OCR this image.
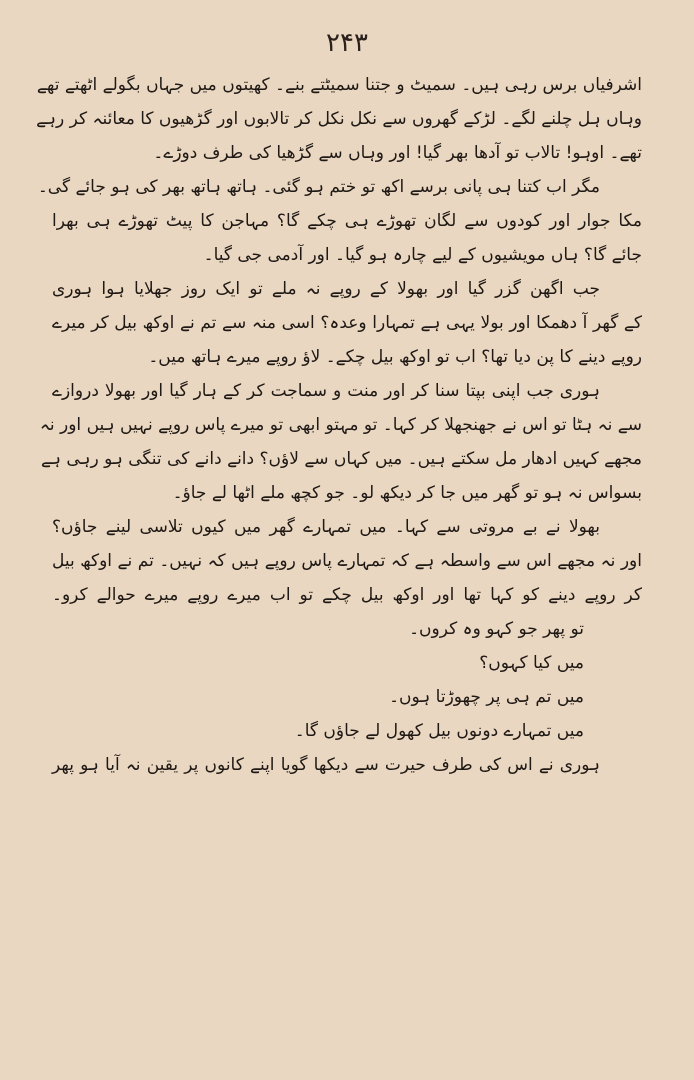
۲۴۳
اشرفیاں برس رہی ہیں۔ سمیٹ و جتنا سمیٹتے بنے۔ کھیتوں میں جہاں بگولے اٹھتے تھے
وہاں ہل چلنے لگے۔ لڑکے گھروں سے نکل نکل کر تالابوں اور گڑھیوں کا معائنہ کر رہے
تھے۔ اوہو! تالاب تو آدھا بھر گیا! اور وہاں سے گڑھیا کی طرف دوڑے۔
مگر اب کتنا ہی پانی برسے اکھ تو ختم ہو گئی۔ ہاتھ ہاتھ بھر کی ہو جائے گی۔
مکا جوار اور کودوں سے لگان تھوڑے ہی چکے گا؟ مہاجن کا پیٹ تھوڑے ہی بھرا
جائے گا؟ ہاں مویشیوں کے لیے چارہ ہو گیا۔ اور آدمی جی گیا۔
جب اگھن گزر گیا اور بھولا کے روپے نہ ملے تو ایک روز جھلایا ہوا ہوری
کے گھر آ دھمکا اور بولا یہی ہے تمہارا وعدہ؟ اسی منہ سے تم نے اوکھ بیل کر میرے
روپے دینے کا پن دیا تھا؟ اب تو اوکھ بیل چکے۔ لاؤ روپے میرے ہاتھ میں۔
ہوری جب اپنی بپتا سنا کر اور منت و سماجت کر کے ہار گیا اور بھولا دروازے
سے نہ ہٹا تو اس نے جھنجھلا کر کہا۔ تو مہتو ابھی تو میرے پاس روپے نہیں ہیں اور نہ
مجھے کہیں ادھار مل سکتے ہیں۔ میں کہاں سے لاؤں؟ دانے دانے کی تنگی ہو رہی ہے
بسواس نہ ہو تو گھر میں جا کر دیکھ لو۔ جو کچھ ملے اٹھا لے جاؤ۔
بھولا نے بے مروتی سے کہا۔ میں تمہارے گھر میں کیوں تلاسی لینے جاؤں؟
اور نہ مجھے اس سے واسطہ ہے کہ تمہارے پاس روپے ہیں کہ نہیں۔ تم نے اوکھ بیل
کر روپے دینے کو کہا تھا اور اوکھ بیل چکے تو اب میرے روپے میرے حوالے کرو۔
تو پھر جو کہو وہ کروں۔
میں کیا کہوں؟
میں تم ہی پر چھوڑتا ہوں۔
میں تمہارے دونوں بیل کھول لے جاؤں گا۔
ہوری نے اس کی طرف حیرت سے دیکھا گویا اپنے کانوں پر یقین نہ آیا ہو پھر
